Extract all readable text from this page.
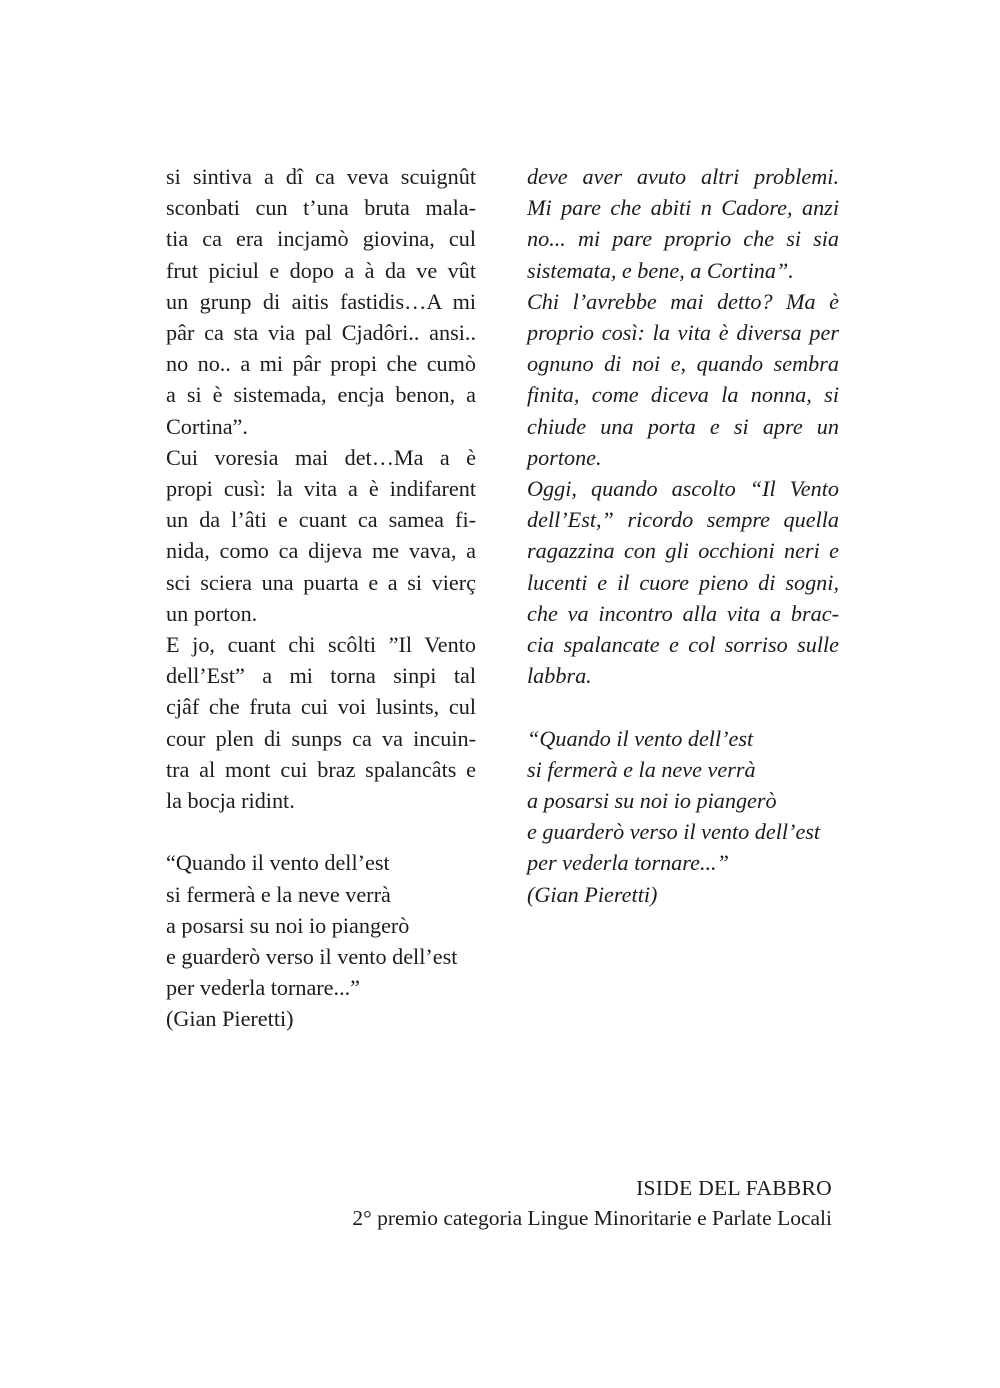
si sintiva a dî ca veva scuignût
sconbati cun t’una bruta mala-
tia ca era incjamò giovina, cul
frut piciul e dopo a à da ve vût
un grunp di aitis fastidis…A mi
pâr ca sta via pal Cjadôri.. ansi..
no no.. a mi pâr propi che cumò
a si è sistemada, encja benon, a
Cortina”.
Cui voresia mai det…Ma a è
propi cusì: la vita a è indifarent
un da l’âti e cuant ca samea fi-
nida, como ca dijeva me vava, a
sci sciera una puarta e a si vierç
un porton.
E jo, cuant chi scôlti ”Il Vento
dell’Est” a mi torna sinpi tal
cjâf che fruta cui voi lusints, cul
cour plen di sunps ca va incuin-
tra al mont cui braz spalancâts e
la bocja ridint.
“Quando il vento dell’est
si fermerà e la neve verrà
a posarsi su noi io piangerò
e guarderò verso il vento dell’est
per vederla tornare...”
(Gian Pieretti)
deve aver avuto altri problemi.
Mi pare che abiti n Cadore, anzi
no... mi pare proprio che si sia
sistemata, e bene, a Cortina”.
Chi l’avrebbe mai detto? Ma è
proprio così: la vita è diversa per
ognuno di noi e, quando sembra
finita, come diceva la nonna, si
chiude una porta e si apre un
portone.
Oggi, quando ascolto “Il Vento
dell’Est,” ricordo sempre quella
ragazzina con gli occhioni neri e
lucenti e il cuore pieno di sogni,
che va incontro alla vita a brac-
cia spalancate e col sorriso sulle
labbra.
“Quando il vento dell’est
si fermerà e la neve verrà
a posarsi su noi io piangerò
e guarderò verso il vento dell’est
per vederla tornare...”
(Gian Pieretti)
ISIDE DEL FABBRO
2° premio categoria Lingue Minoritarie e Parlate Locali
